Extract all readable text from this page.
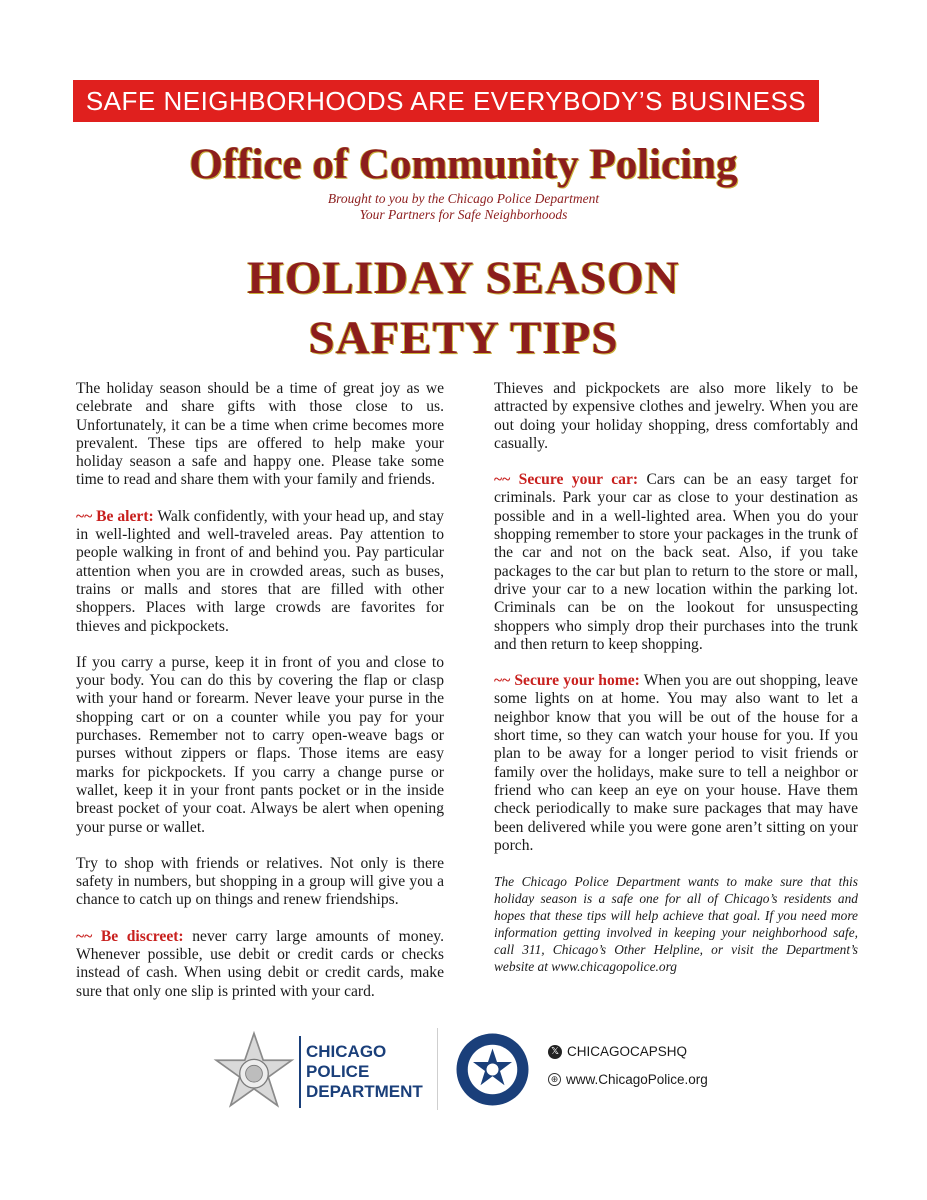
SAFE NEIGHBORHOODS ARE EVERYBODY’S BUSINESS
Office of Community Policing
Brought to you by the Chicago Police Department
Your Partners for Safe Neighborhoods
HOLIDAY SEASON
SAFETY TIPS

The holiday season should be a time of great joy as we celebrate and share gifts with those close to us. Unfortunately, it can be a time when crime becomes more prevalent. These tips are offered to help make your holiday season a safe and happy one. Please take some time to read and share them with your family and friends.

~~ Be alert: Walk confidently, with your head up, and stay in well-lighted and well-traveled areas. Pay attention to people walking in front of and behind you. Pay particular attention when you are in crowded areas, such as buses, trains or malls and stores that are filled with other shoppers. Places with large crowds are favorites for thieves and pickpockets.

If you carry a purse, keep it in front of you and close to your body. You can do this by covering the flap or clasp with your hand or forearm. Never leave your purse in the shopping cart or on a counter while you pay for your purchases. Remember not to carry open-weave bags or purses without zippers or flaps. Those items are easy marks for pickpockets. If you carry a change purse or wallet, keep it in your front pants pocket or in the inside breast pocket of your coat. Always be alert when opening your purse or wallet.

Try to shop with friends or relatives. Not only is there safety in numbers, but shopping in a group will give you a chance to catch up on things and renew friendships.

~~ Be discreet: never carry large amounts of money. Whenever possible, use debit or credit cards or checks instead of cash. When using debit or credit cards, make sure that only one slip is printed with your card.

Thieves and pickpockets are also more likely to be attracted by expensive clothes and jewelry. When you are out doing your holiday shopping, dress comfortably and casually.

~~ Secure your car: Cars can be an easy target for criminals. Park your car as close to your destination as possible and in a well-lighted area. When you do your shopping remember to store your packages in the trunk of the car and not on the back seat. Also, if you take packages to the car but plan to return to the store or mall, drive your car to a new location within the parking lot. Criminals can be on the lookout for unsuspecting shoppers who simply drop their purchases into the trunk and then return to keep shopping.

~~ Secure your home: When you are out shopping, leave some lights on at home. You may also want to let a neighbor know that you will be out of the house for a short time, so they can watch your house for you. If you plan to be away for a longer period to visit friends or family over the holidays, make sure to tell a neighbor or friend who can keep an eye on your house. Have them check periodically to make sure packages that may have been delivered while you were gone aren’t sitting on your porch.

The Chicago Police Department wants to make sure that this holiday season is a safe one for all of Chicago’s residents and hopes that these tips will help achieve that goal. If you need more information getting involved in keeping your neighborhood safe, call 311, Chicago’s Other Helpline, or visit the Department’s website at www.chicagopolice.org

CHICAGO
POLICE
DEPARTMENT
𝕏 CHICAGOCAPSHQ
⊕ www.ChicagoPolice.org
